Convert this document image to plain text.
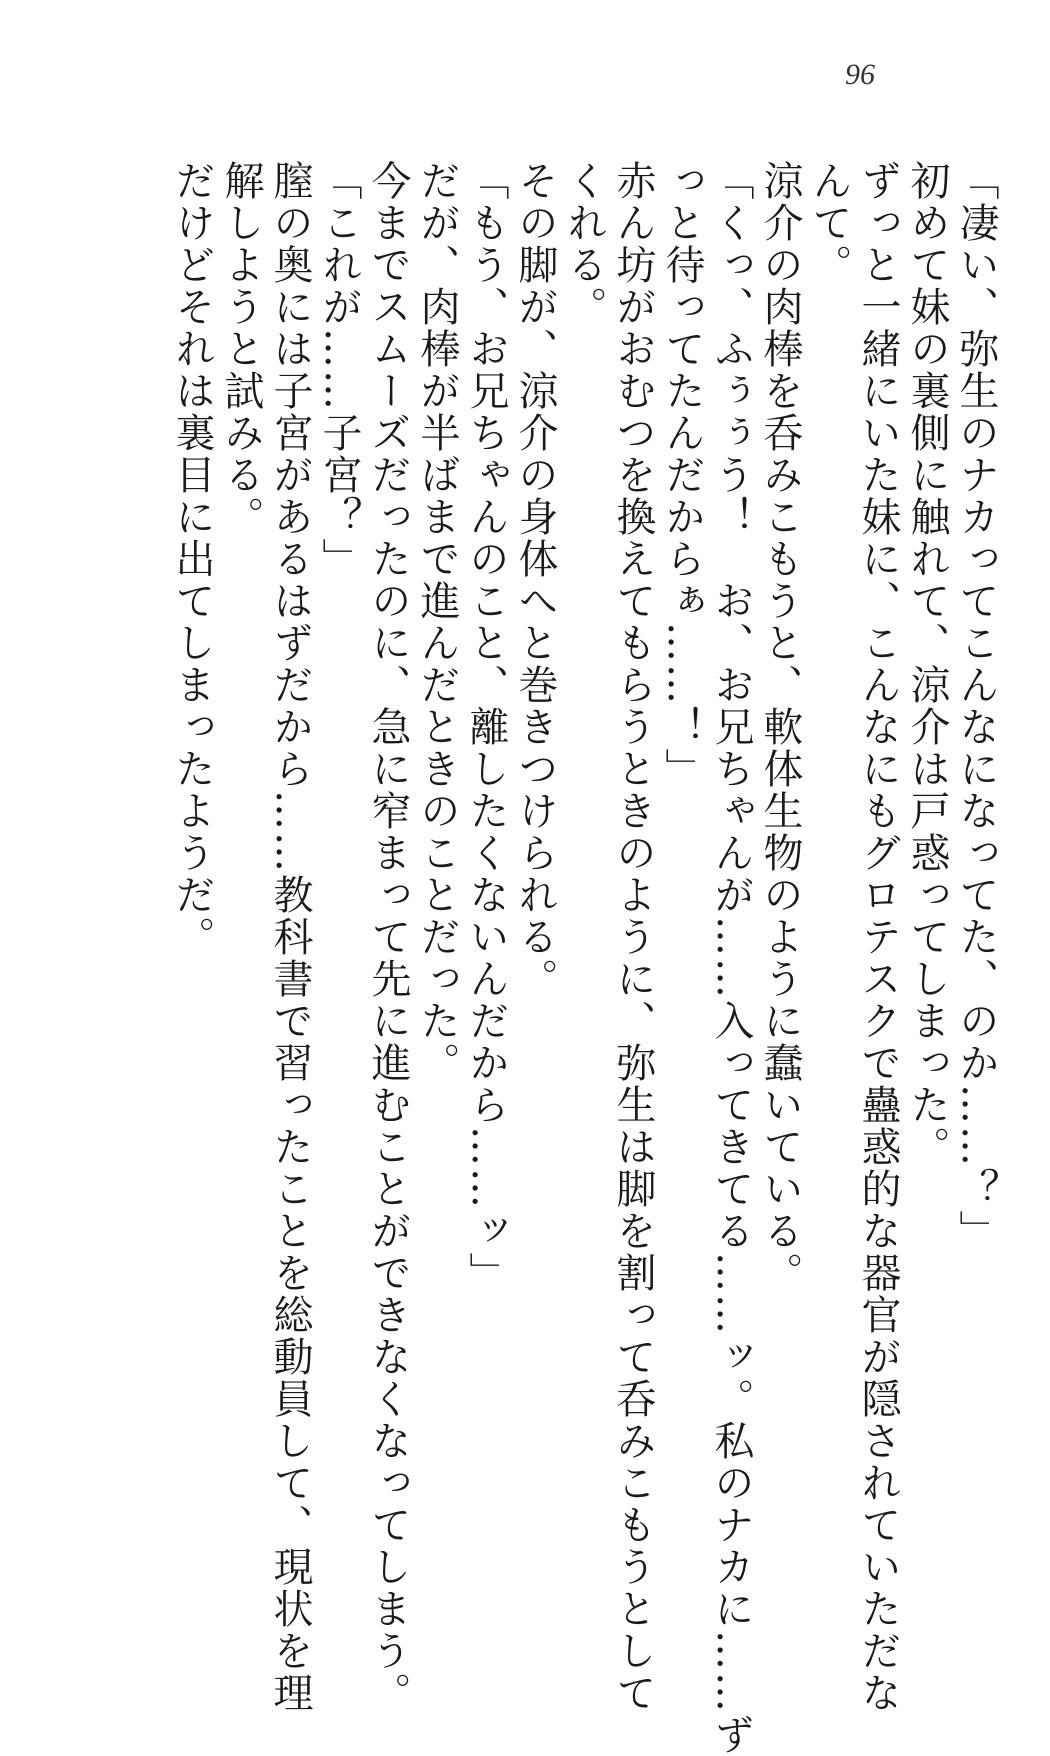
96

「凄い、弥生のナカってこんなになってた、のか……？」

初めて妹の裏側に触れて、涼介は戸惑ってしまった。

ずっと一緒にいた妹に、こんなにもグロテスクで蠱惑的な器官が隠されていただな

んて。

涼介の肉棒を呑みこもうと、軟体生物のように蠢いている。

「くっ、ふぅぅう！　お、お兄ちゃんが……入ってきてる……ッ。私のナカに……ず

っと待ってたんだからぁ……！」

赤ん坊がおむつを換えてもらうときのように、弥生は脚を割って呑みこもうとして

くれる。

その脚が、涼介の身体へと巻きつけられる。

「もう、お兄ちゃんのこと、離したくないんだから……ッ」

だが、肉棒が半ばまで進んだときのことだった。

今までスムーズだったのに、急に窄まって先に進むことができなくなってしまう。

「これが……子宮？」

膣の奥には子宮があるはずだから……教科書で習ったことを総動員して、現状を理

解しようと試みる。

だけどそれは裏目に出てしまったようだ。
